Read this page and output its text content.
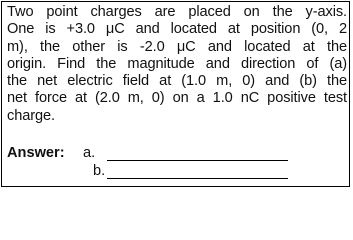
Two point charges are placed on the y-axis.
One is +3.0 μC and located at position (0, 2
m), the other is -2.0 μC and located at the
origin. Find the magnitude and direction of (a)
the net electric field at (1.0 m, 0) and (b) the
net force at (2.0 m, 0) on a 1.0 nC positive test
charge.
Answer: a.
b.
